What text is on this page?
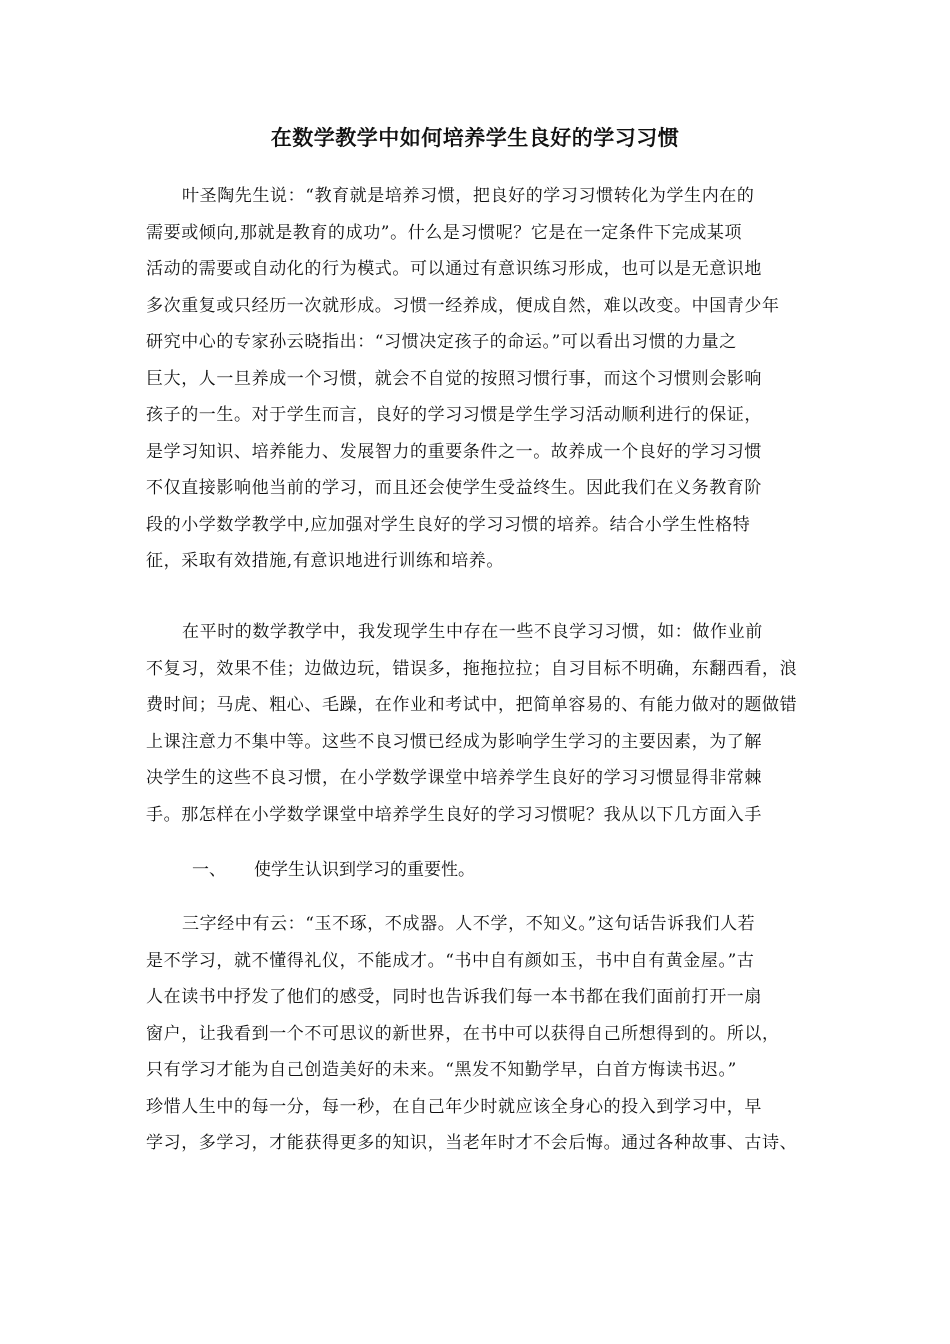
在数学教学中如何培养学生良好的学习习惯

叶圣陶先生说：“教育就是培养习惯，把良好的学习习惯转化为学生内在的
需要或倾向,那就是教育的成功”。什么是习惯呢？它是在一定条件下完成某项
活动的需要或自动化的行为模式。可以通过有意识练习形成，也可以是无意识地
多次重复或只经历一次就形成。习惯一经养成，便成自然，难以改变。中国青少年
研究中心的专家孙云晓指出：“习惯决定孩子的命运。”可以看出习惯的力量之
巨大，人一旦养成一个习惯，就会不自觉的按照习惯行事，而这个习惯则会影响
孩子的一生。对于学生而言，良好的学习习惯是学生学习活动顺利进行的保证，
是学习知识、培养能力、发展智力的重要条件之一。故养成一个良好的学习习惯
不仅直接影响他当前的学习，而且还会使学生受益终生。因此我们在义务教育阶
段的小学数学教学中,应加强对学生良好的学习习惯的培养。结合小学生性格特
征，采取有效措施,有意识地进行训练和培养。

在平时的数学教学中，我发现学生中存在一些不良学习习惯，如：做作业前
不复习，效果不佳；边做边玩，错误多，拖拖拉拉；自习目标不明确，东翻西看，浪
费时间；马虎、粗心、毛躁，在作业和考试中，把简单容易的、有能力做对的题做错
上课注意力不集中等。这些不良习惯已经成为影响学生学习的主要因素，为了解
决学生的这些不良习惯，在小学数学课堂中培养学生良好的学习习惯显得非常棘
手。那怎样在小学数学课堂中培养学生良好的学习习惯呢？我从以下几方面入手

一、 使学生认识到学习的重要性。

三字经中有云：“玉不琢，不成器。人不学，不知义。”这句话告诉我们人若
是不学习，就不懂得礼仪，不能成才。“书中自有颜如玉，书中自有黄金屋。”古
人在读书中抒发了他们的感受，同时也告诉我们每一本书都在我们面前打开一扇
窗户，让我看到一个不可思议的新世界，在书中可以获得自己所想得到的。所以，
只有学习才能为自己创造美好的未来。“黑发不知勤学早，白首方悔读书迟。”
珍惜人生中的每一分，每一秒，在自己年少时就应该全身心的投入到学习中，早
学习，多学习，才能获得更多的知识，当老年时才不会后悔。通过各种故事、古诗、
